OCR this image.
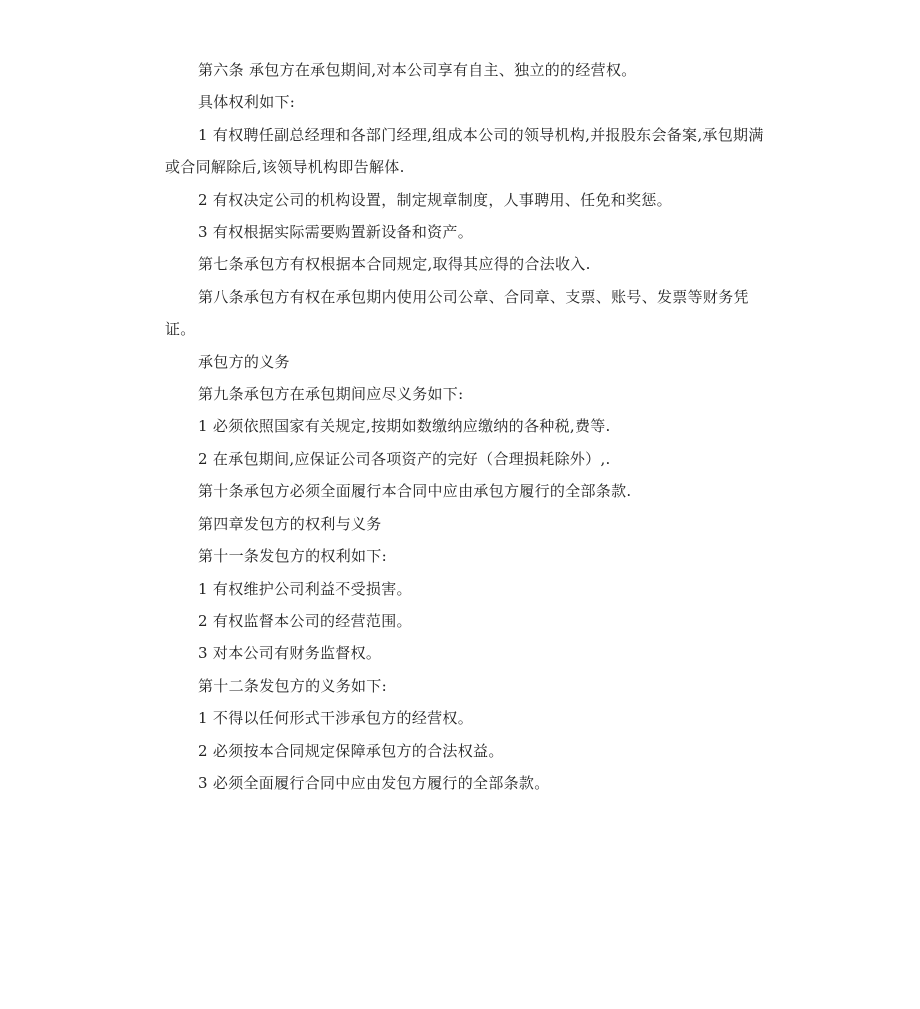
第六条 承包方在承包期间,对本公司享有自主、独立的的经营权。

具体权利如下:

1 有权聘任副总经理和各部门经理,组成本公司的领导机构,并报股东会备案,承包期满或合同解除后,该领导机构即告解体.

2 有权决定公司的机构设置，制定规章制度，人事聘用、任免和奖惩。

3 有权根据实际需要购置新设备和资产。

第七条承包方有权根据本合同规定,取得其应得的合法收入.

第八条承包方有权在承包期内使用公司公章、合同章、支票、账号、发票等财务凭证。

承包方的义务

第九条承包方在承包期间应尽义务如下:

1 必须依照国家有关规定,按期如数缴纳应缴纳的各种税,费等.

2 在承包期间,应保证公司各项资产的完好（合理损耗除外）,.

第十条承包方必须全面履行本合同中应由承包方履行的全部条款.

第四章发包方的权利与义务

第十一条发包方的权利如下:

1 有权维护公司利益不受损害。

2 有权监督本公司的经营范围。

3 对本公司有财务监督权。

第十二条发包方的义务如下:

1 不得以任何形式干涉承包方的经营权。

2 必须按本合同规定保障承包方的合法权益。

3 必须全面履行合同中应由发包方履行的全部条款。
